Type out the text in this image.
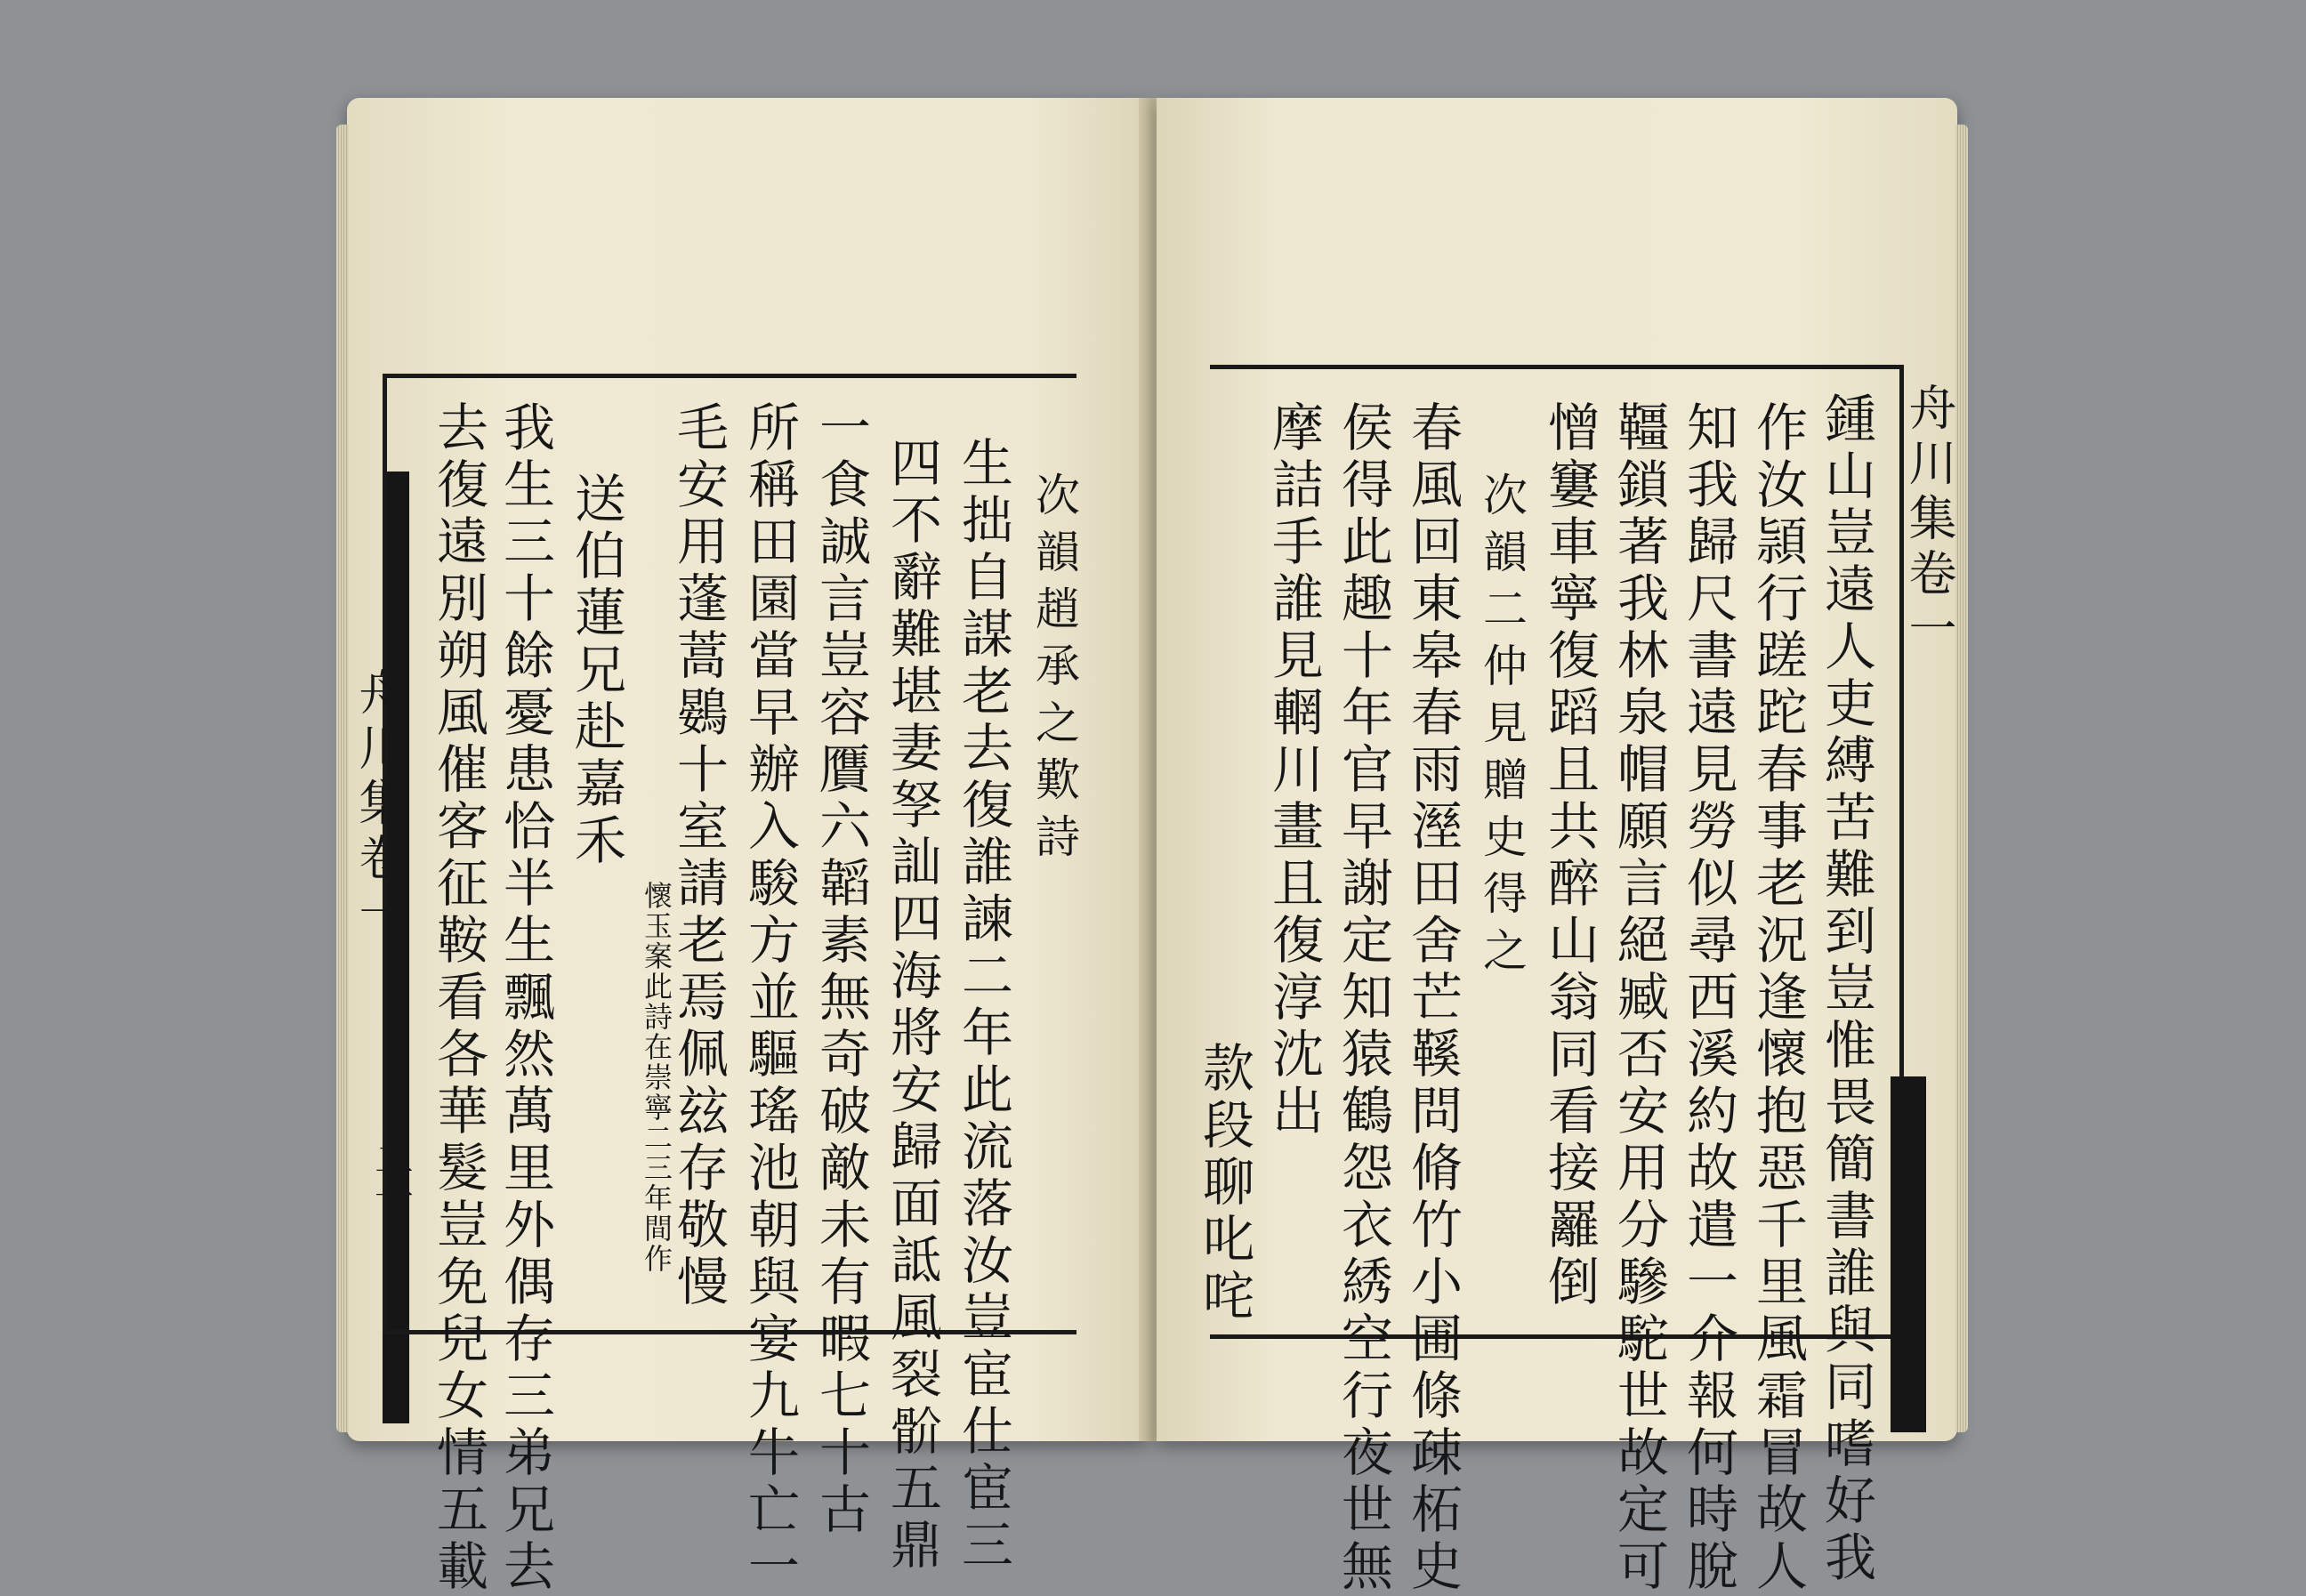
舟川集卷一
二十 去復遠別朔風催客征鞍看各華髮豈免兒女情五載 我生三十餘憂患恰半生飄然萬里外偶存三弟兄去 送伯蓮兄赴嘉禾
懷玉案此詩在崇寧二三年間作
毛安用蓬蒿鷃十室請老焉佩玆存敬慢 所稱田園當早辦入駿方並驅瑤池朝與宴九牛亡一 一食誠言豈容贋六韜素無奇破敵未有暇七十古 四不辭難堪妻孥訕四海將安歸面詆風裂骱五鼎 生拙自謀老去復誰諫二年此流落汝豈宦仕宦三 次韻趙承之歎詩	舟川集卷一
鍾山豈遠人吏縛苦難到豈惟畏簡書誰與同嗜好我
作汝頴行蹉跎春事老況逢懷抱惡千里風霜冒故人
知我歸尺書遠見勞似尋西溪約故遣一介報何時脫
韁鎖著我林泉帽願言絕臧否安用分驂駝世故定可
憎窶車寧復蹈且共醉山翁同看接䍦倒
次韻二仲見贈史得之
春風回東皋春雨溼田舍芒鞵問脩竹小圃條疎柘史
侯得此趣十年官早謝定知猿鶴怨衣綉空行夜世無
摩詰手誰見輞川畫且復淳沈出
款段聊叱咤
